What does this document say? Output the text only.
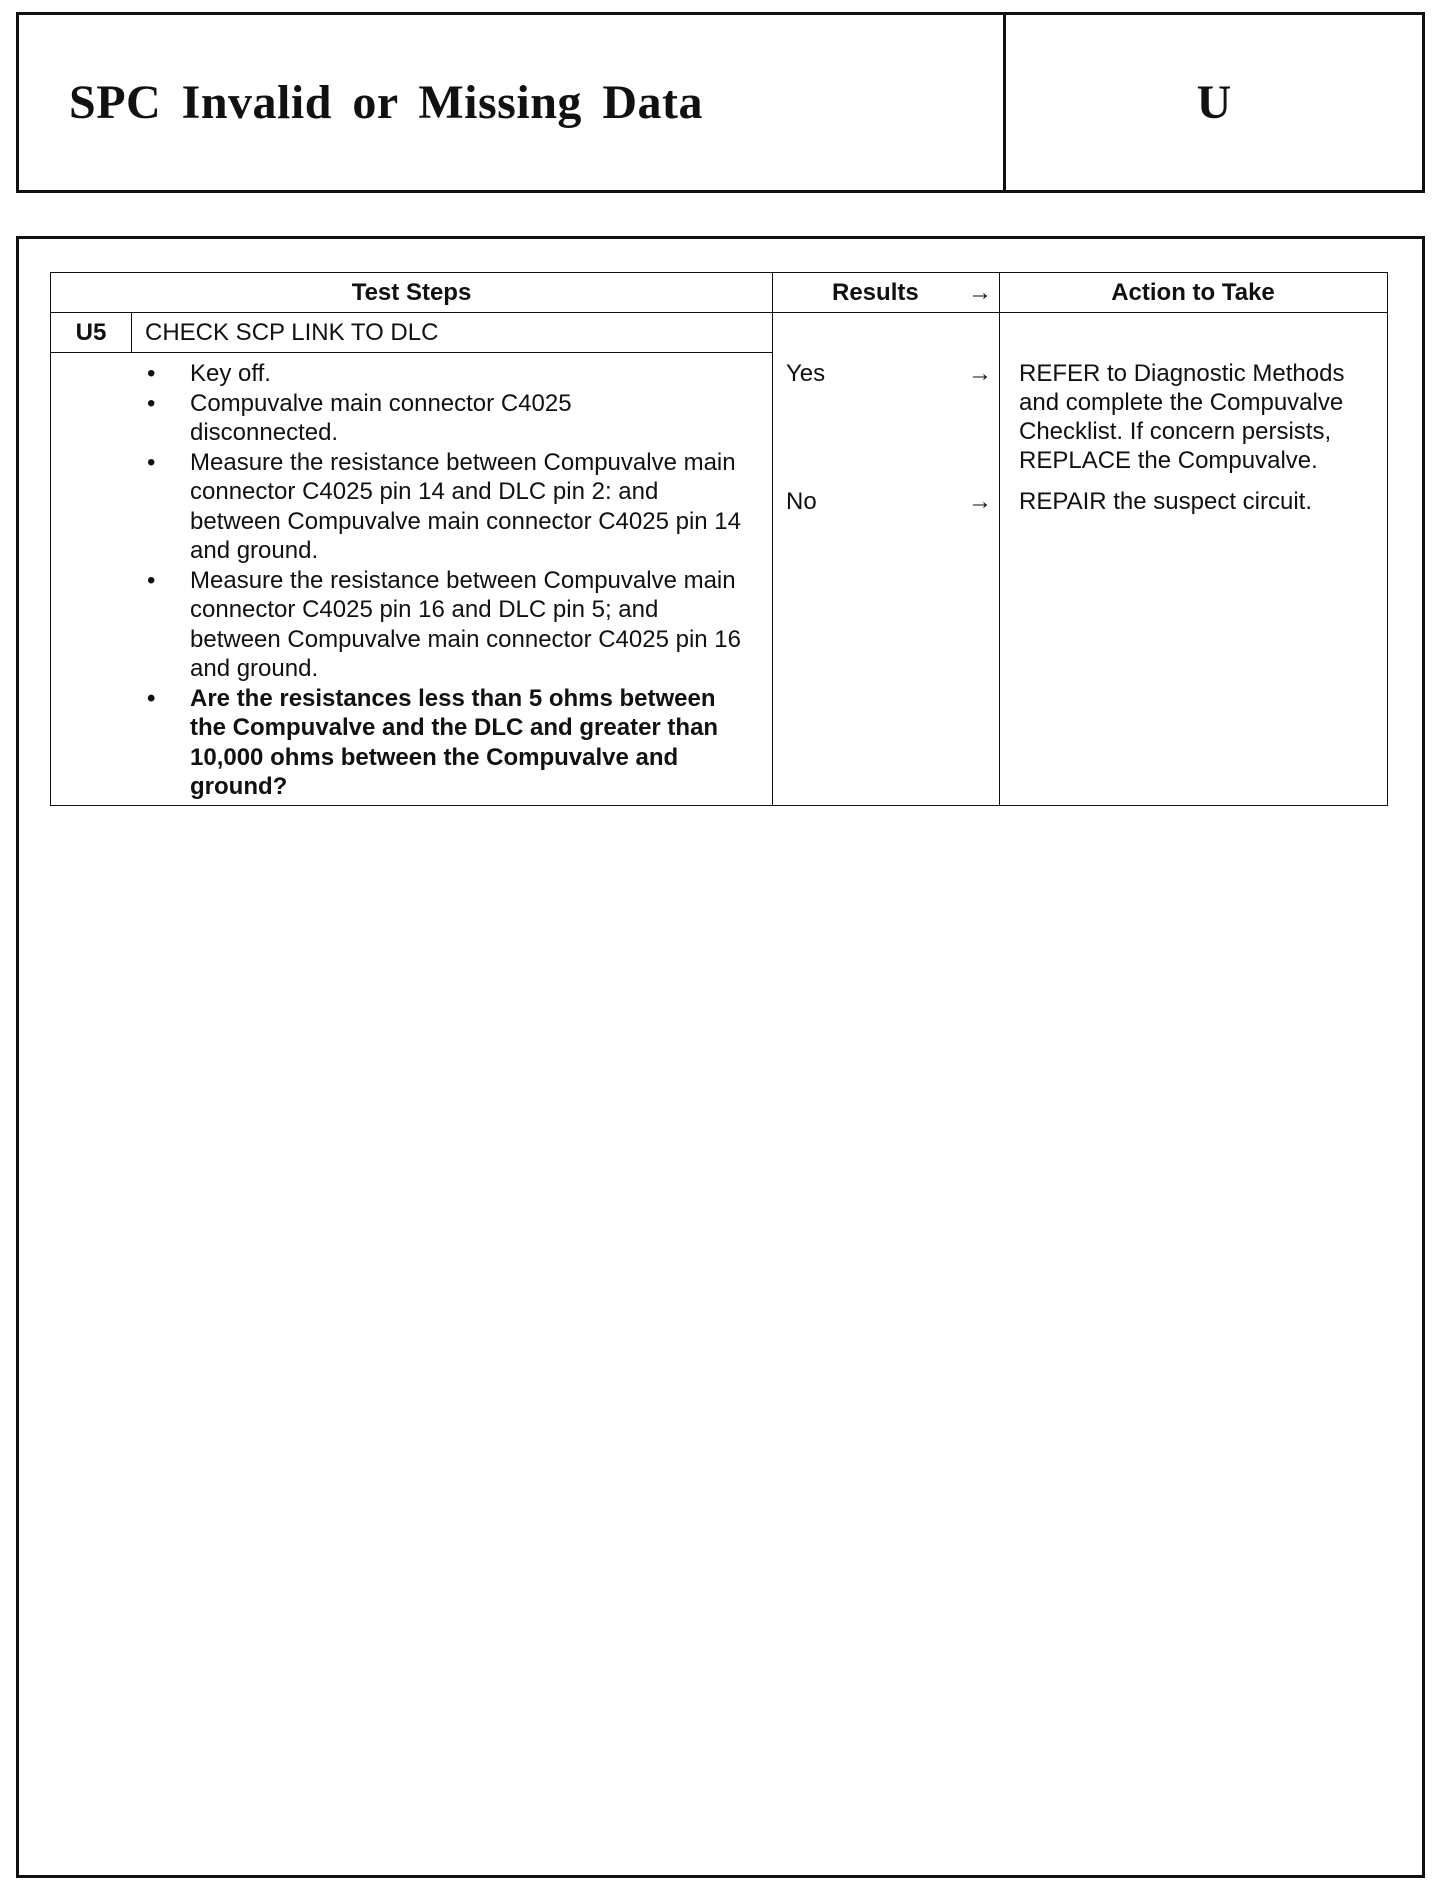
SPC Invalid or Missing Data	U
Test Steps	Results →	Action to Take
U5	CHECK SCP LINK TO DLC
• Key off.
• Compuvalve main connector C4025 disconnected.
• Measure the resistance between Compuvalve main connector C4025 pin 14 and DLC pin 2: and between Compuvalve main connector C4025 pin 14 and ground.
• Measure the resistance between Compuvalve main connector C4025 pin 16 and DLC pin 5; and between Compuvalve main connector C4025 pin 16 and ground.
• Are the resistances less than 5 ohms between the Compuvalve and the DLC and greater than 10,000 ohms between the Compuvalve and ground?
Yes	→ REFER to Diagnostic Methods and complete the Compuvalve Checklist. If concern persists, REPLACE the Compuvalve.
No	→ REPAIR the suspect circuit.
